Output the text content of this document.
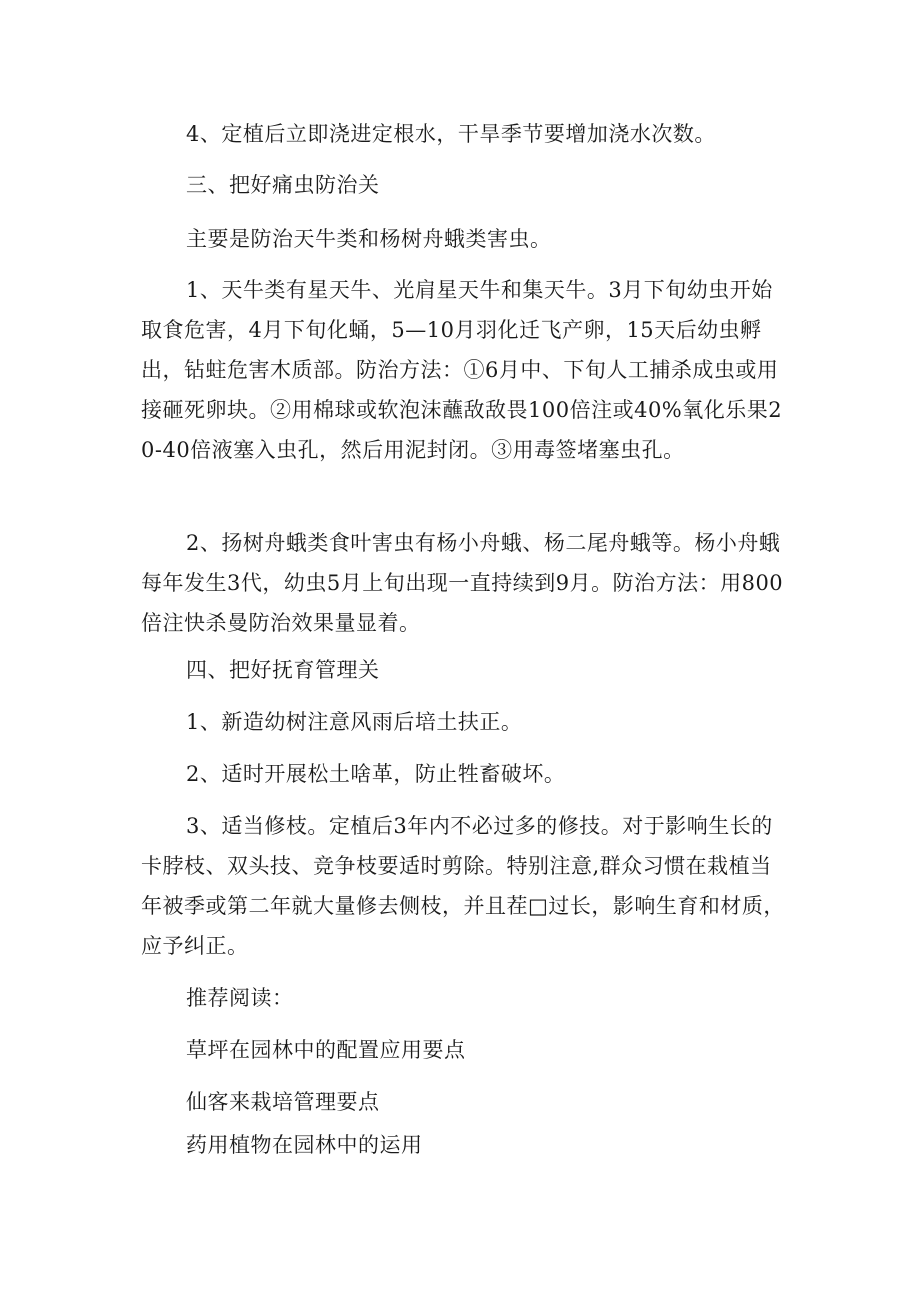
4、定植后立即浇进定根水，干旱季节要增加浇水次数。

三、把好痛虫防治关

主要是防治天牛类和杨树舟蛾类害虫。

1、天牛类有星天牛、光肩星天牛和集天牛。3月下旬幼虫开始取食危害，4月下旬化蛹，5—10月羽化迁飞产卵，15天后幼虫孵出，钻蛀危害木质部。防治方法：①6月中、下旬人工捕杀成虫或用接砸死卵块。②用棉球或软泡沫蘸敌敌畏100倍注或40%氧化乐果20-40倍液塞入虫孔，然后用泥封闭。③用毒签堵塞虫孔。

2、扬树舟蛾类食叶害虫有杨小舟蛾、杨二尾舟蛾等。杨小舟蛾每年发生3代，幼虫5月上旬出现一直持续到9月。防治方法：用800倍注快杀曼防治效果量显着。

四、把好抚育管理关

1、新造幼树注意风雨后培土扶正。

2、适时开展松土啥革，防止牲畜破坏。

3、适当修枝。定植后3年内不必过多的修技。对于影响生长的卡脖枝、双头技、竞争枝要适时剪除。特别注意,群众习惯在栽植当年被季或第二年就大量修去侧枝，并且茬□过长，影响生育和材质，应予纠正。

推荐阅读：

草坪在园林中的配置应用要点

仙客来栽培管理要点

药用植物在园林中的运用
